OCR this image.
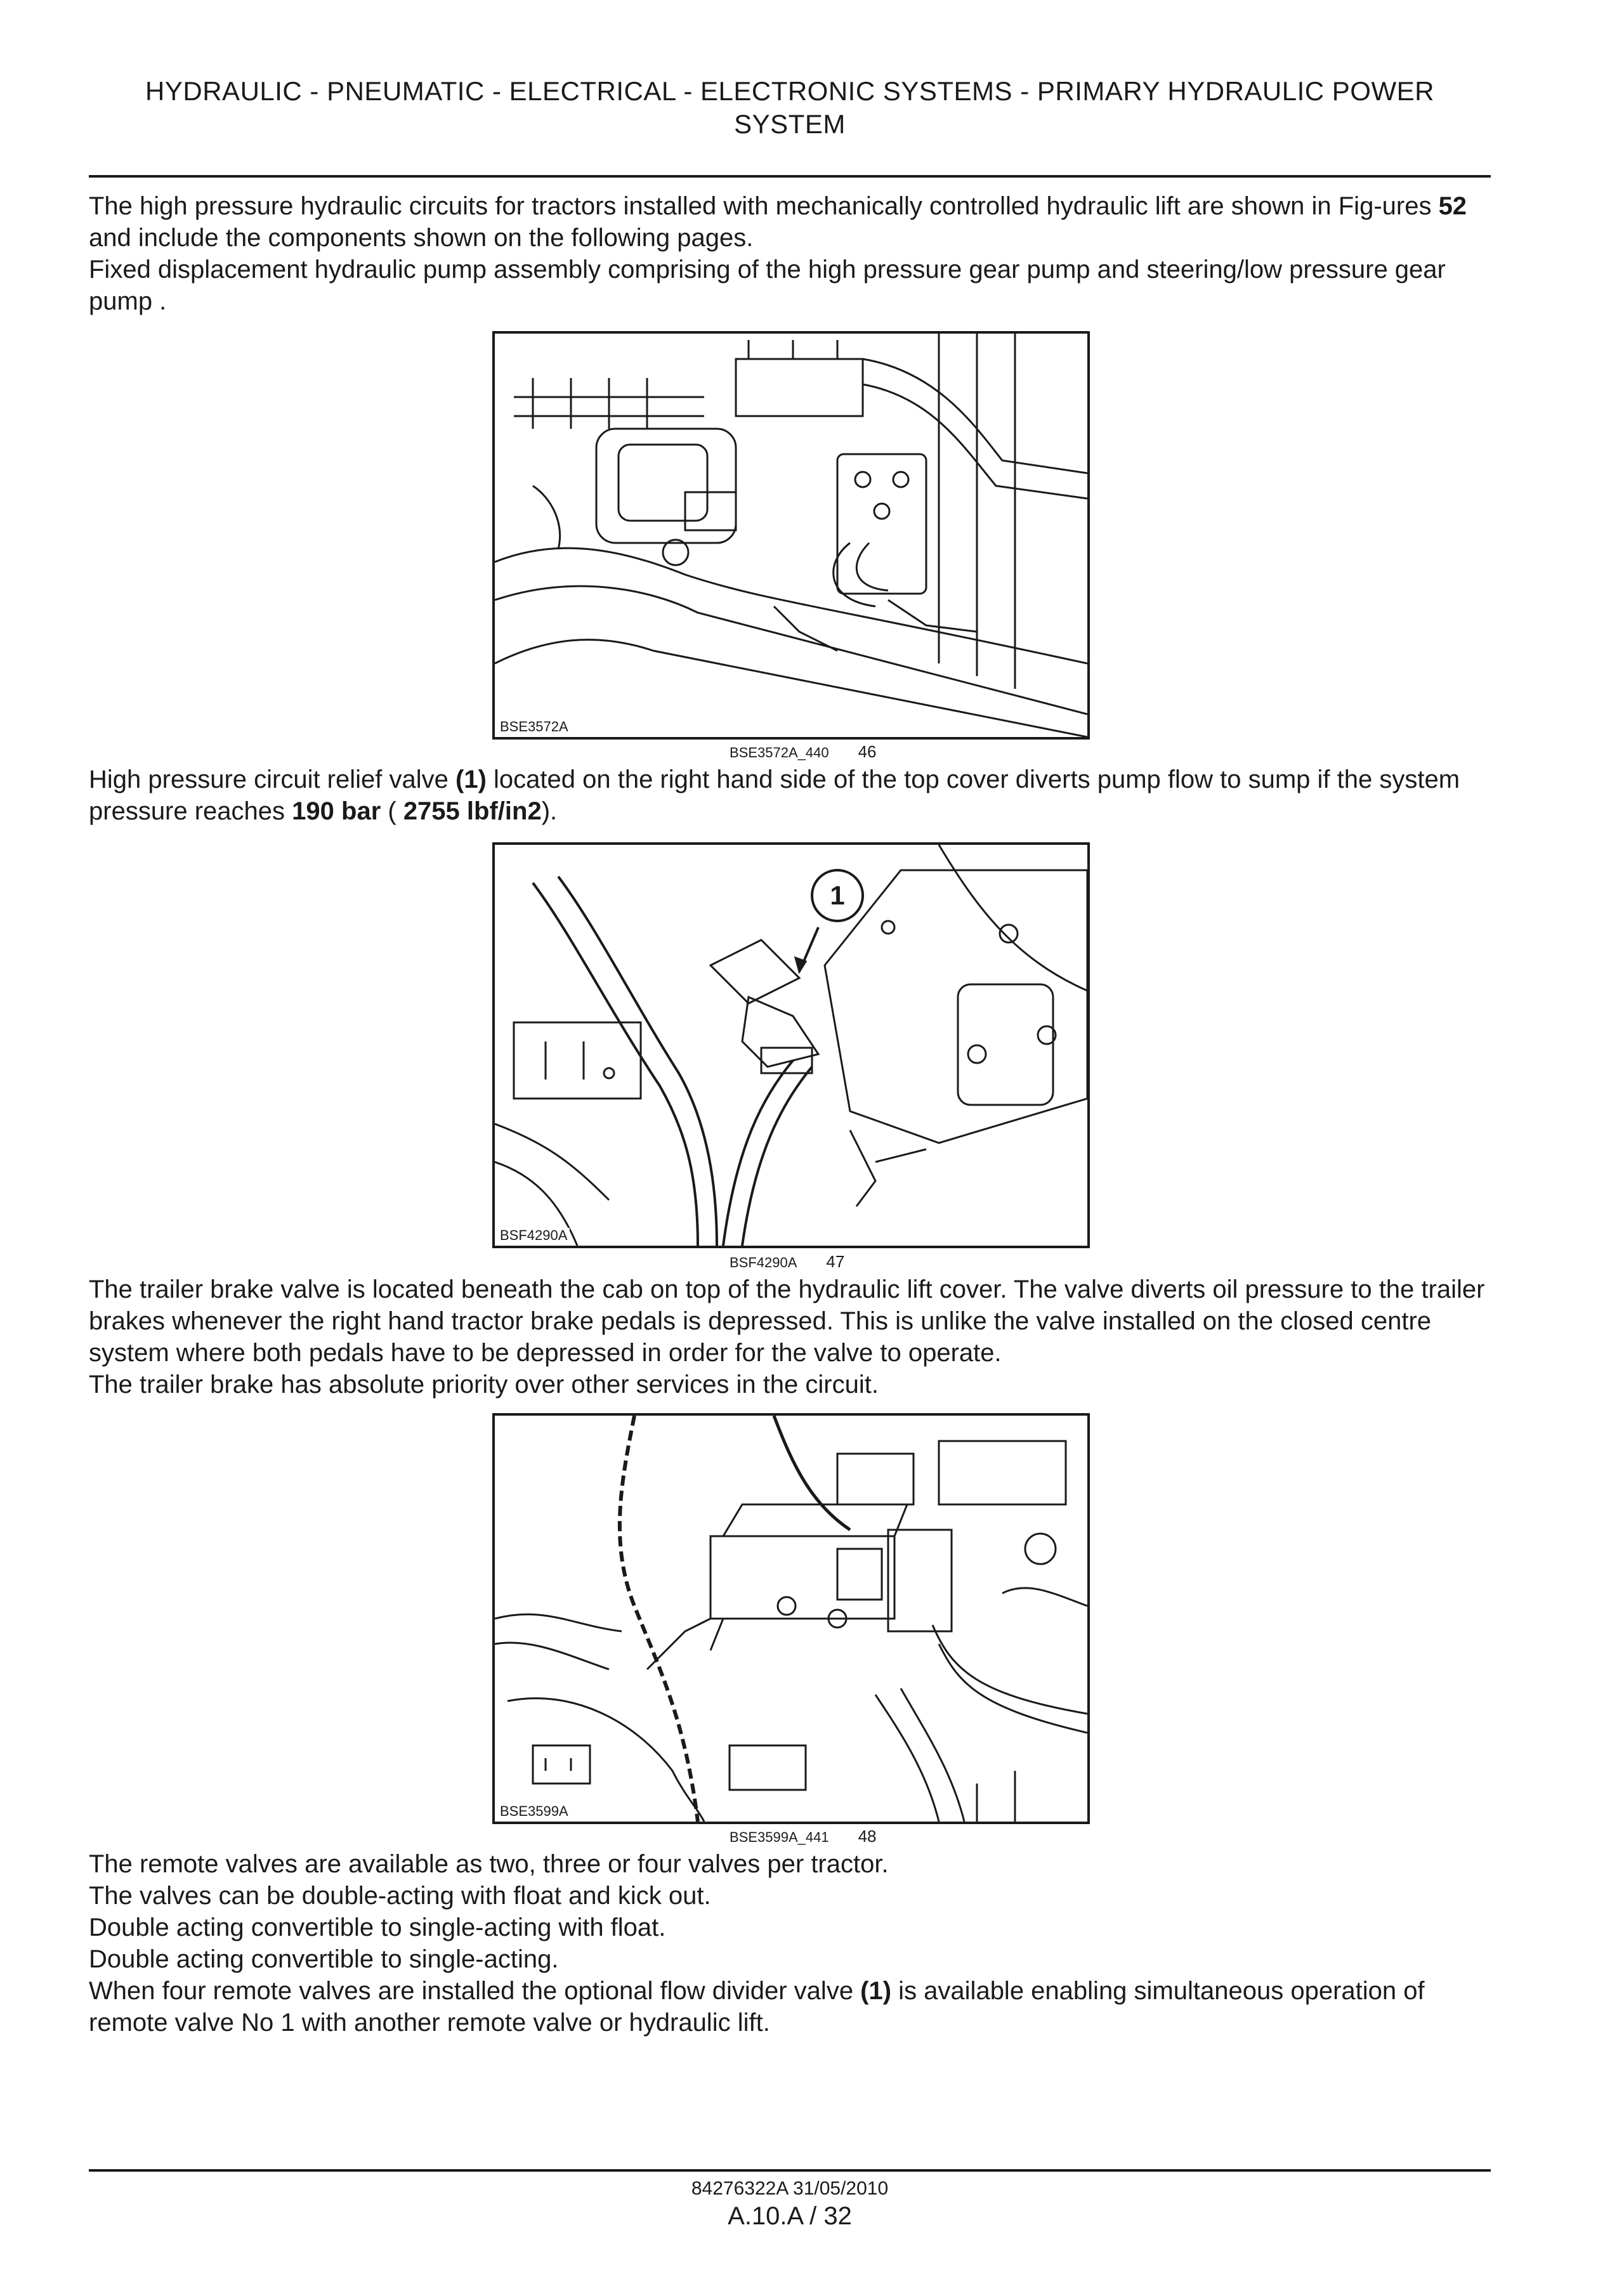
HYDRAULIC - PNEUMATIC - ELECTRICAL - ELECTRONIC SYSTEMS - PRIMARY HYDRAULIC POWER
SYSTEM

The high pressure hydraulic circuits for tractors installed with mechanically controlled hydraulic lift are shown in Fig-ures 52 and include the components shown on the following pages.

Fixed displacement hydraulic pump assembly comprising of the high pressure gear pump and steering/low pressure gear pump .

BSE3572A
BSE3572A_440 46

High pressure circuit relief valve (1) located on the right hand side of the top cover diverts pump flow to sump if the system pressure reaches 190 bar ( 2755 lbf/in2).

1
BSF4290A
BSF4290A 47

The trailer brake valve is located beneath the cab on top of the hydraulic lift cover. The valve diverts oil pressure to the trailer brakes whenever the right hand tractor brake pedals is depressed. This is unlike the valve installed on the closed centre system where both pedals have to be depressed in order for the valve to operate.

The trailer brake has absolute priority over other services in the circuit.

BSE3599A
BSE3599A_441 48

The remote valves are available as two, three or four valves per tractor.

The valves can be double-acting with float and kick out.

Double acting convertible to single-acting with float.

Double acting convertible to single-acting.

When four remote valves are installed the optional flow divider valve (1) is available enabling simultaneous operation of remote valve No 1 with another remote valve or hydraulic lift.

84276322A 31/05/2010
A.10.A / 32
